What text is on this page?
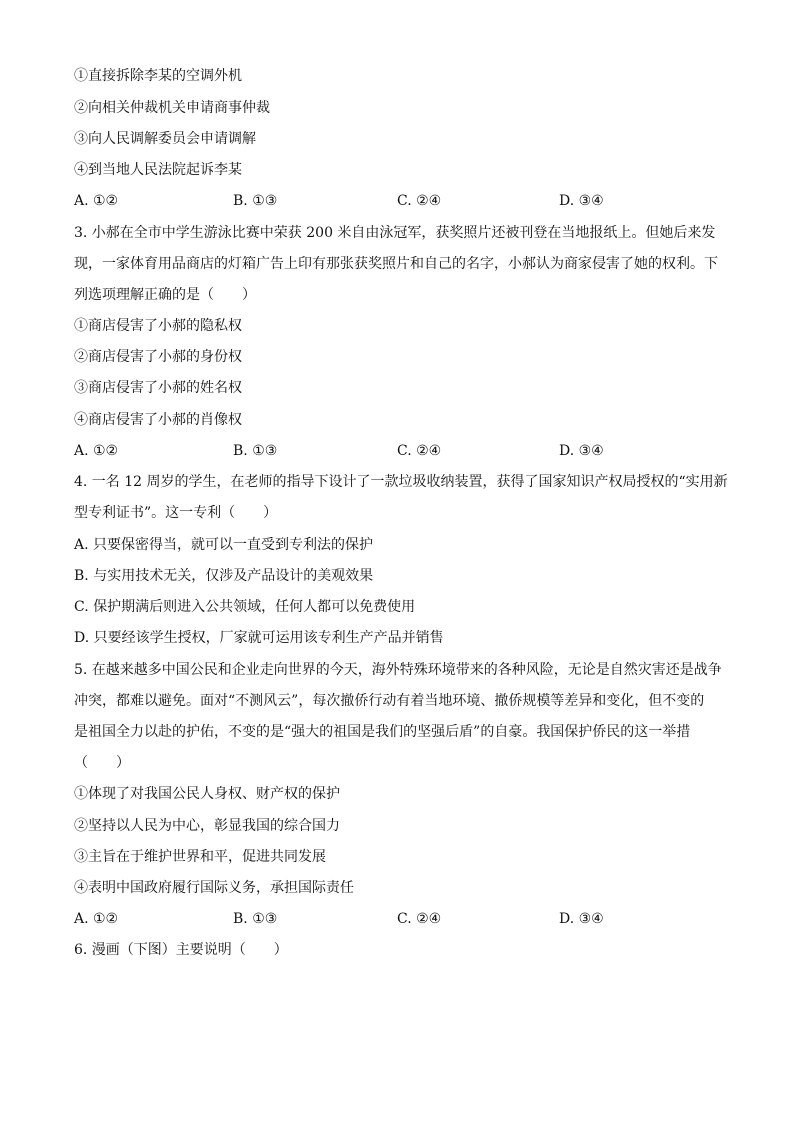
①直接拆除李某的空调外机
②向相关仲裁机关申请商事仲裁
③向人民调解委员会申请调解
④到当地人民法院起诉李某
A. ①②	B. ①③	C. ②④	D. ③④
3. 小郝在全市中学生游泳比赛中荣获 200 米自由泳冠军，获奖照片还被刊登在当地报纸上。但她后来发
现，一家体育用品商店的灯箱广告上印有那张获奖照片和自己的名字，小郝认为商家侵害了她的权利。下
列选项理解正确的是（　　）
①商店侵害了小郝的隐私权
②商店侵害了小郝的身份权
③商店侵害了小郝的姓名权
④商店侵害了小郝的肖像权
A. ①②	B. ①③	C. ②④	D. ③④
4. 一名 12 周岁的学生，在老师的指导下设计了一款垃圾收纳装置，获得了国家知识产权局授权的“实用新
型专利证书”。这一专利（　　）
A. 只要保密得当，就可以一直受到专利法的保护
B. 与实用技术无关，仅涉及产品设计的美观效果
C. 保护期满后则进入公共领域，任何人都可以免费使用
D. 只要经该学生授权，厂家就可运用该专利生产产品并销售
5. 在越来越多中国公民和企业走向世界的今天，海外特殊环境带来的各种风险，无论是自然灾害还是战争
冲突，都难以避免。面对“不测风云”，每次撤侨行动有着当地环境、撤侨规模等差异和变化，但不变的
是祖国全力以赴的护佑，不变的是“强大的祖国是我们的坚强后盾”的自豪。我国保护侨民的这一举措
（　　）
①体现了对我国公民人身权、财产权的保护
②坚持以人民为中心，彰显我国的综合国力
③主旨在于维护世界和平，促进共同发展
④表明中国政府履行国际义务，承担国际责任
A. ①②	B. ①③	C. ②④	D. ③④
6. 漫画（下图）主要说明（　　）
